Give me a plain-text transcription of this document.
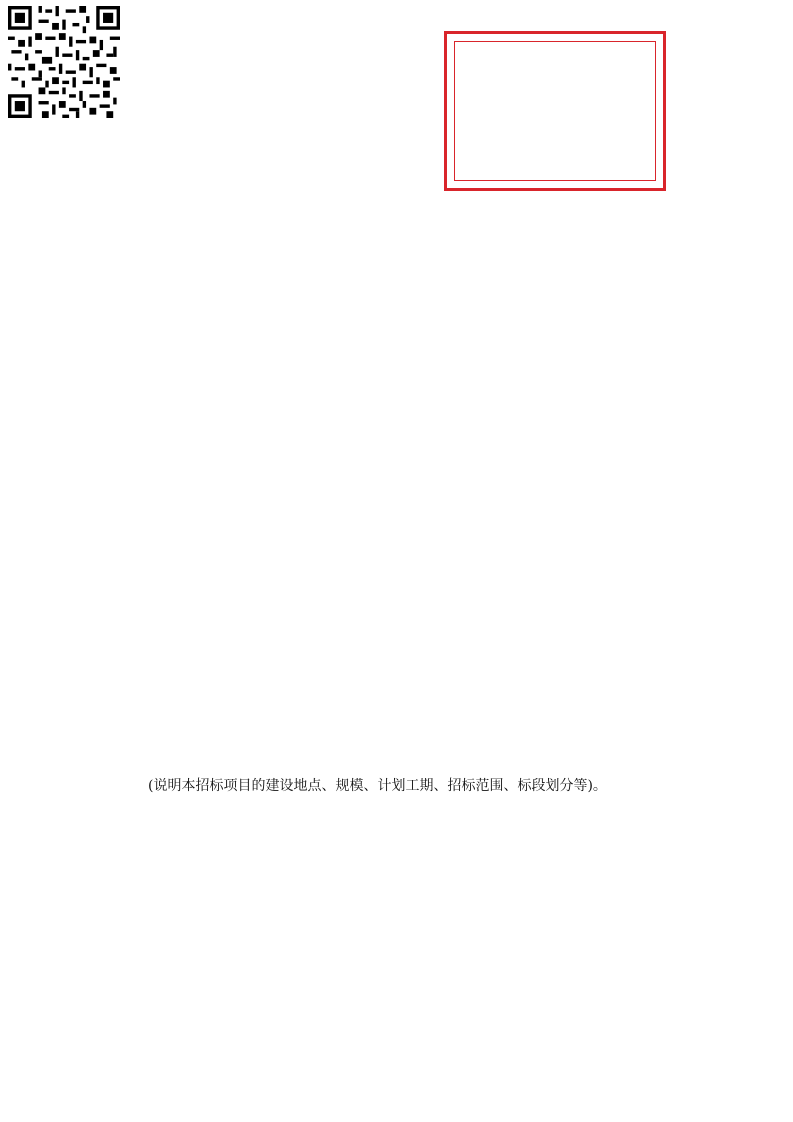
(说明本招标项目的建设地点、规模、计划工期、招标范围、标段划分等)。
